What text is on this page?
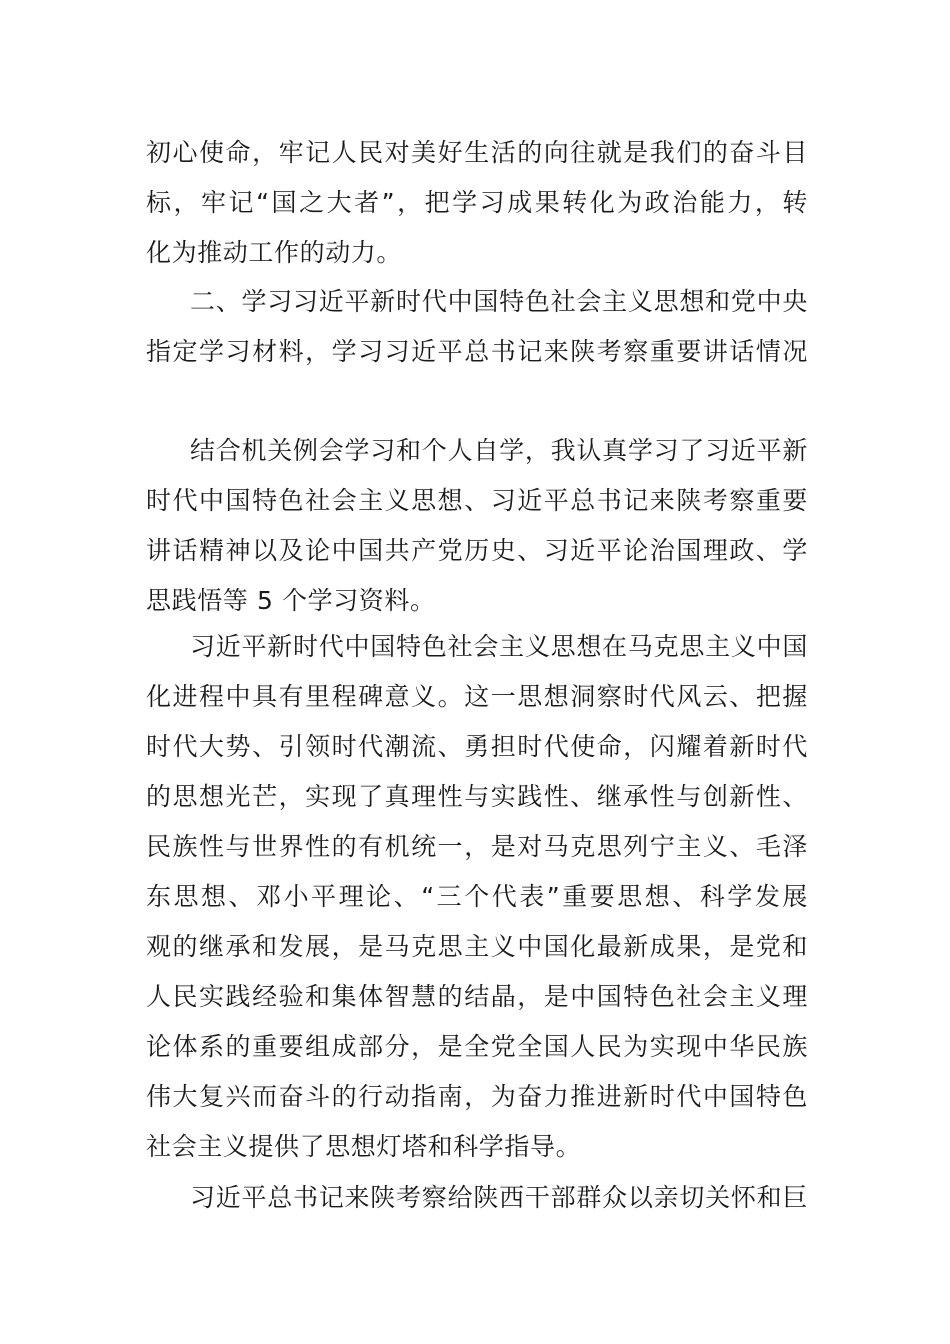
初心使命，牢记人民对美好生活的向往就是我们的奋斗目
标，牢记“国之大者”，把学习成果转化为政治能力，转
化为推动工作的动力。
二、学习习近平新时代中国特色社会主义思想和党中央
指定学习材料，学习习近平总书记来陕考察重要讲话情况
结合机关例会学习和个人自学，我认真学习了习近平新
时代中国特色社会主义思想、习近平总书记来陕考察重要
讲话精神以及论中国共产党历史、习近平论治国理政、学
思践悟等 5 个学习资料。
习近平新时代中国特色社会主义思想在马克思主义中国
化进程中具有里程碑意义。这一思想洞察时代风云、把握
时代大势、引领时代潮流、勇担时代使命，闪耀着新时代
的思想光芒，实现了真理性与实践性、继承性与创新性、
民族性与世界性的有机统一，是对马克思列宁主义、毛泽
东思想、邓小平理论、“三个代表”重要思想、科学发展
观的继承和发展，是马克思主义中国化最新成果，是党和
人民实践经验和集体智慧的结晶，是中国特色社会主义理
论体系的重要组成部分，是全党全国人民为实现中华民族
伟大复兴而奋斗的行动指南，为奋力推进新时代中国特色
社会主义提供了思想灯塔和科学指导。
习近平总书记来陕考察给陕西干部群众以亲切关怀和巨
